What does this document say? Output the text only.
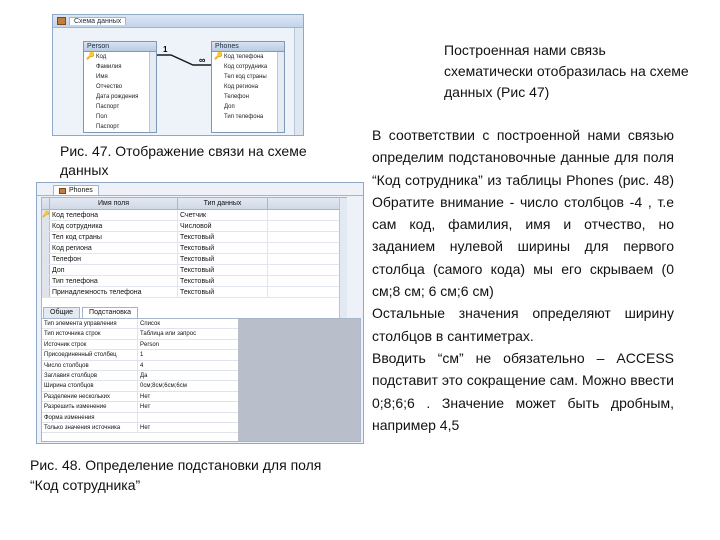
Схема данных
Person
🔑 Код
Фамилия
Имя
Отчество
Дата рождения
Паспорт
Пол
Паспорт
Phones
🔑 Код телефона
Код сотрудника
Тел код страны
Код региона
Телефон
Доп
Тип телефона
1
∞
Рис. 47. Отображение связи на схеме данных
Phones
Имя поля	Тип данных
🔑 Код телефона	Счетчик
Код сотрудника	Числовой
Тел код страны	Текстовый
Код региона	Текстовый
Телефон	Текстовый
Доп	Текстовый
Тип телефона	Текстовый
Принадлежность телефона	Текстовый
Общие	Подстановка
Тип элемента управления	Список
Тип источника строк	Таблица или запрос
Источник строк	Person
Присоединенный столбец	1
Число столбцов	4
Заглавия столбцов	Да
Ширина столбцов	0см;8см;6см;6см
Разделение нескольких	Нет
Разрешить изменение	Нет
Форма изменения
Только значения источника	Нет
Рис. 48. Определение подстановки для поля “Код сотрудника”
Построенная нами связь схематически отобразилась на схеме данных (Рис 47)

В соответствии с построенной нами связью определим подстановочные данные для поля “Код сотрудника” из таблицы Phones (рис. 48) Обратите внимание - число столбцов -4 , т.е сам код, фамилия, имя и отчество, но заданием нулевой ширины для первого столбца (самого кода) мы его скрываем (0 см;8 см; 6 см;6 см)

Остальные значения определяют ширину столбцов в сантиметрах.

Вводить “см” не обязательно – ACCESS подставит это сокращение сам. Можно ввести 0;8;6;6 . Значение может быть дробным, например 4,5
